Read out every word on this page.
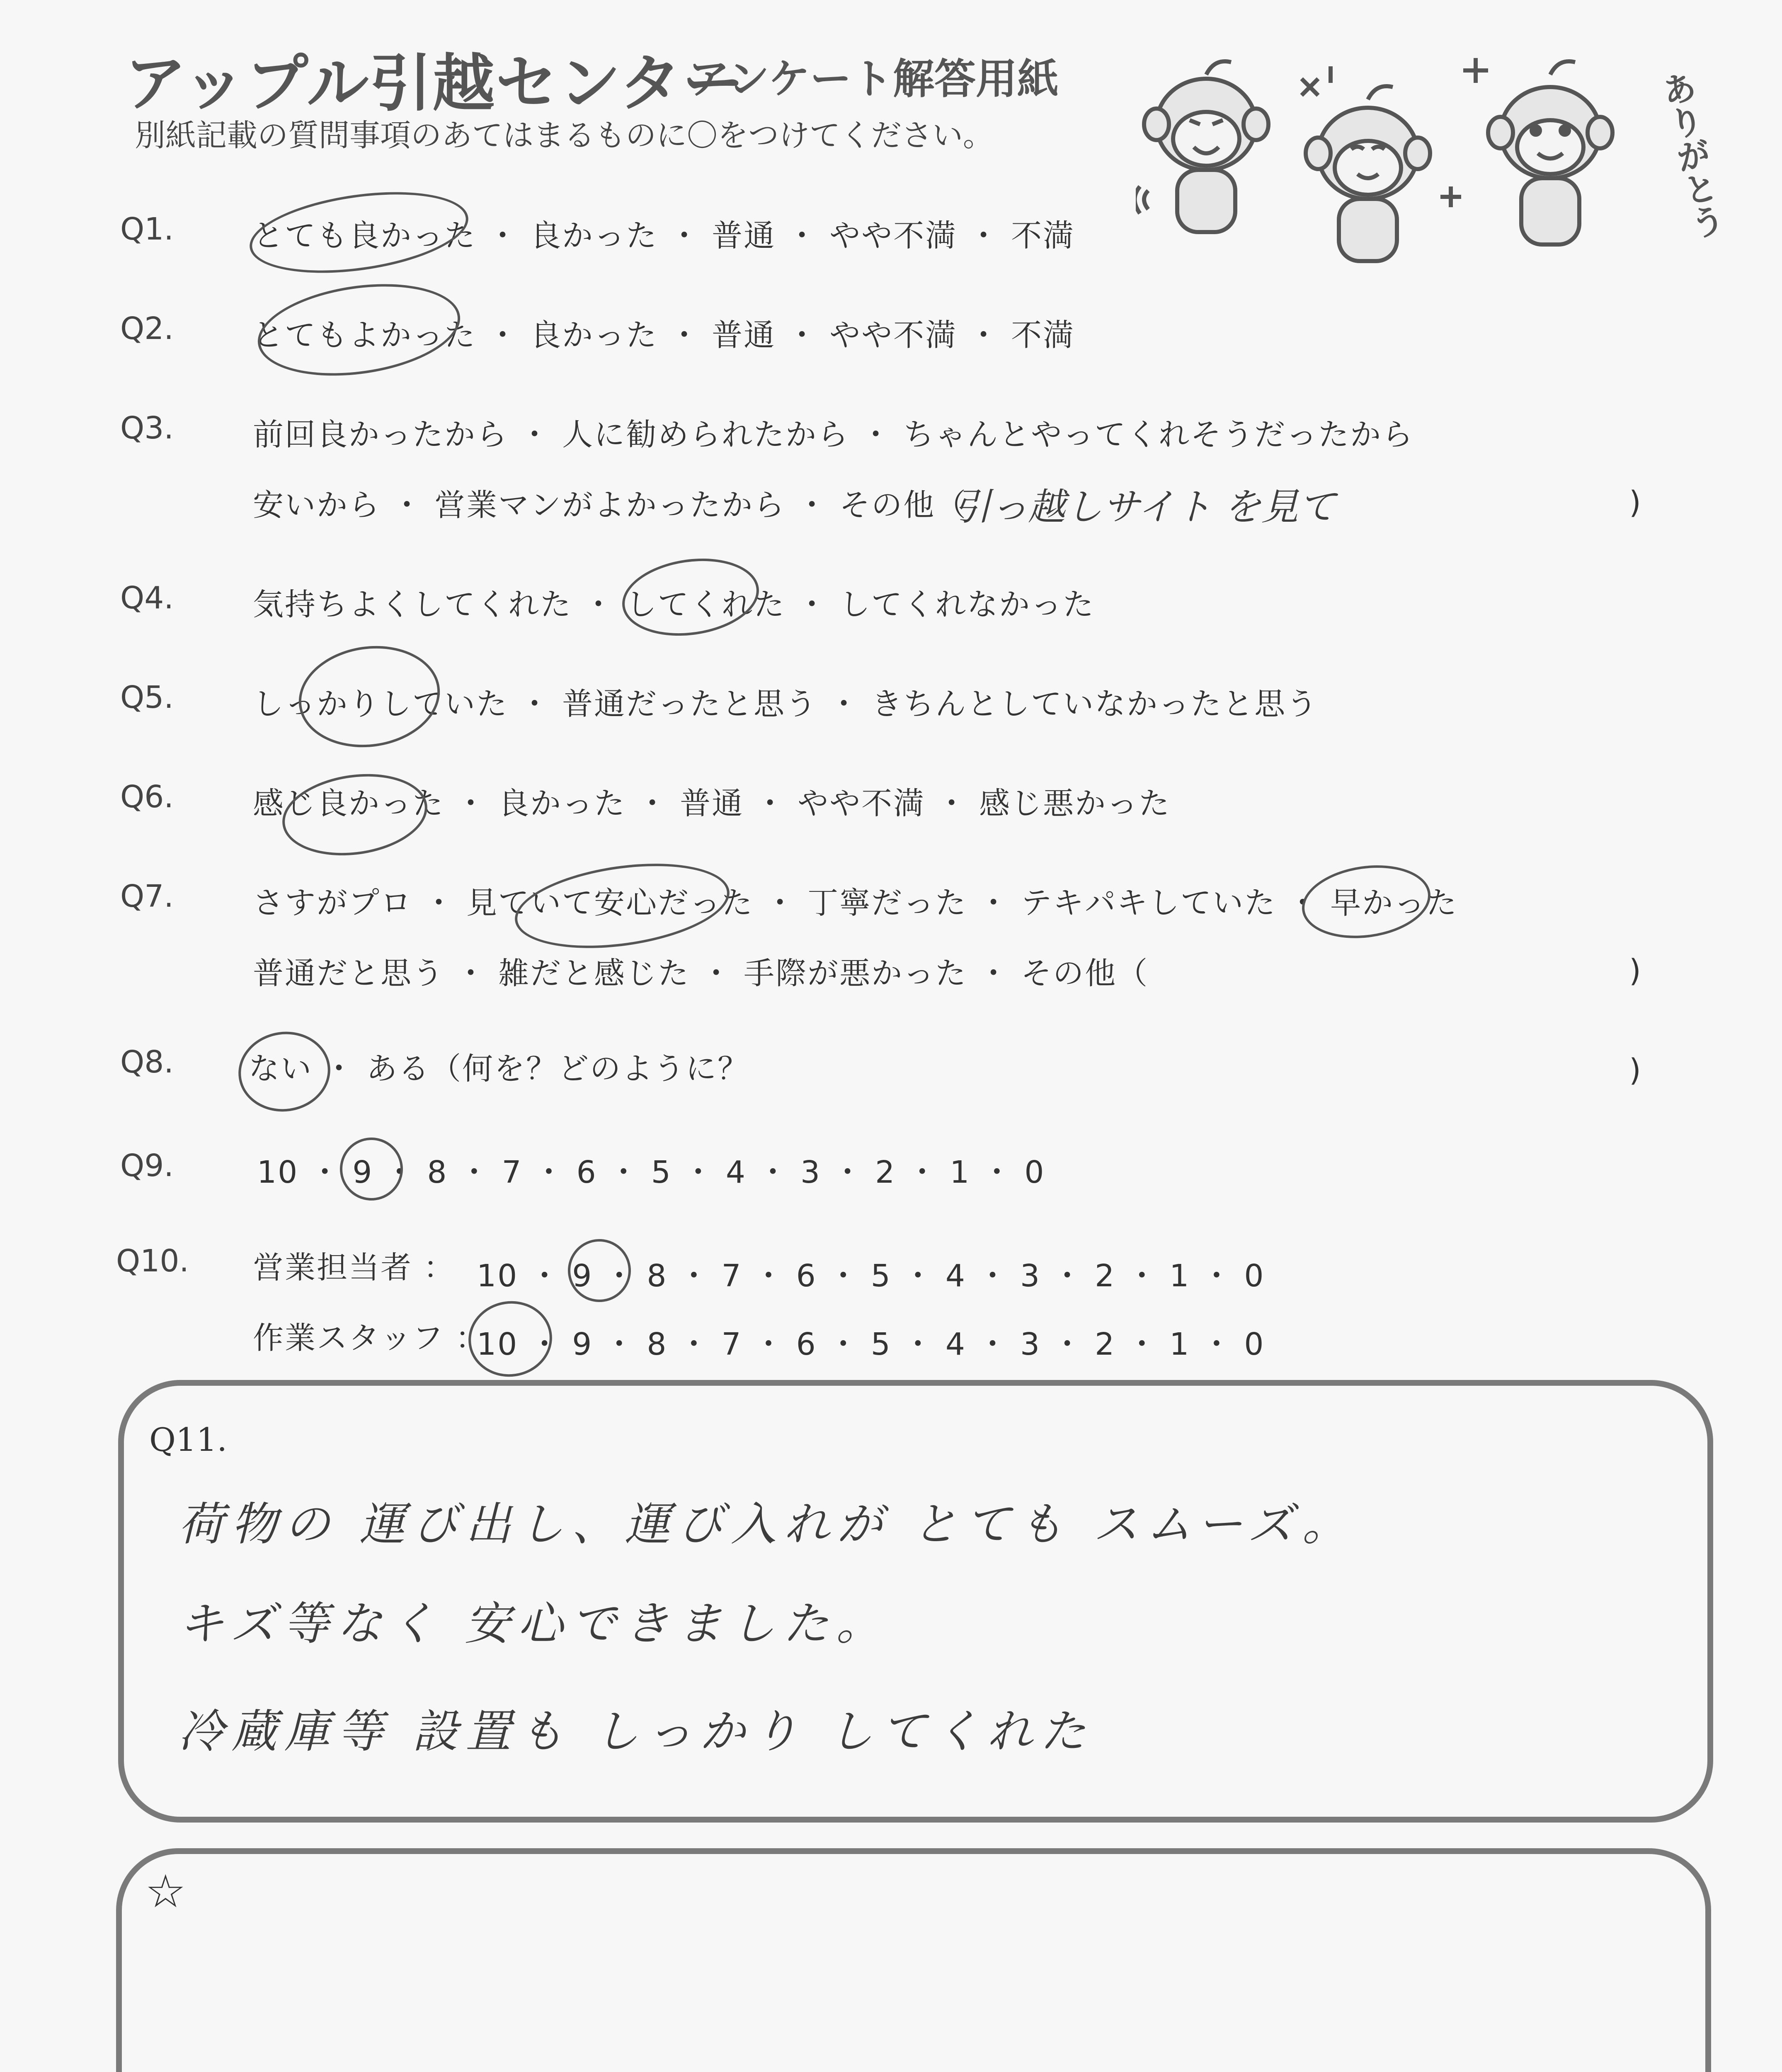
アップル引越センター
アンケート解答用紙
別紙記載の質問事項のあてはまるものに〇をつけてください。	ありがとう
Q1.	とても良かった ・ 良かった ・ 普通 ・ やや不満 ・ 不満
Q2.	とてもよかった ・ 良かった ・ 普通 ・ やや不満 ・ 不満
Q3.	前回良かったから ・ 人に勧められたから ・ ちゃんとやってくれそうだったから
安いから ・ 営業マンがよかったから ・ その他（
引っ越しサイト を見て	)
Q4.	気持ちよくしてくれた ・ してくれた ・ してくれなかった
Q5.	しっかりしていた ・ 普通だったと思う ・ きちんとしていなかったと思う
Q6.	感じ良かった ・ 良かった ・ 普通 ・ やや不満 ・ 感じ悪かった
Q7.	さすがプロ ・ 見ていて安心だった ・ 丁寧だった ・ テキパキしていた ・ 早かった
普通だと思う ・ 雑だと感じた ・ 手際が悪かった ・ その他（	)
Q8. ない ・ ある（何を？どのように？	)
Q9.	10 ・ 9 ・ 8 ・ 7 ・ 6 ・ 5 ・ 4 ・ 3 ・ 2 ・ 1 ・ 0
Q10. 営業担当者 ： 10 ・ 9 ・ 8 ・ 7 ・ 6 ・ 5 ・ 4 ・ 3 ・ 2 ・ 1 ・ 0
作業スタッフ ：
10 ・ 9 ・ 8 ・ 7 ・ 6 ・ 5 ・ 4 ・ 3 ・ 2 ・ 1 ・ 0
Q11.
荷物の 運び出し、運び入れが とても スムーズ。
キズ等なく 安心できました。
冷蔵庫等 設置も しっかり してくれた
☆
